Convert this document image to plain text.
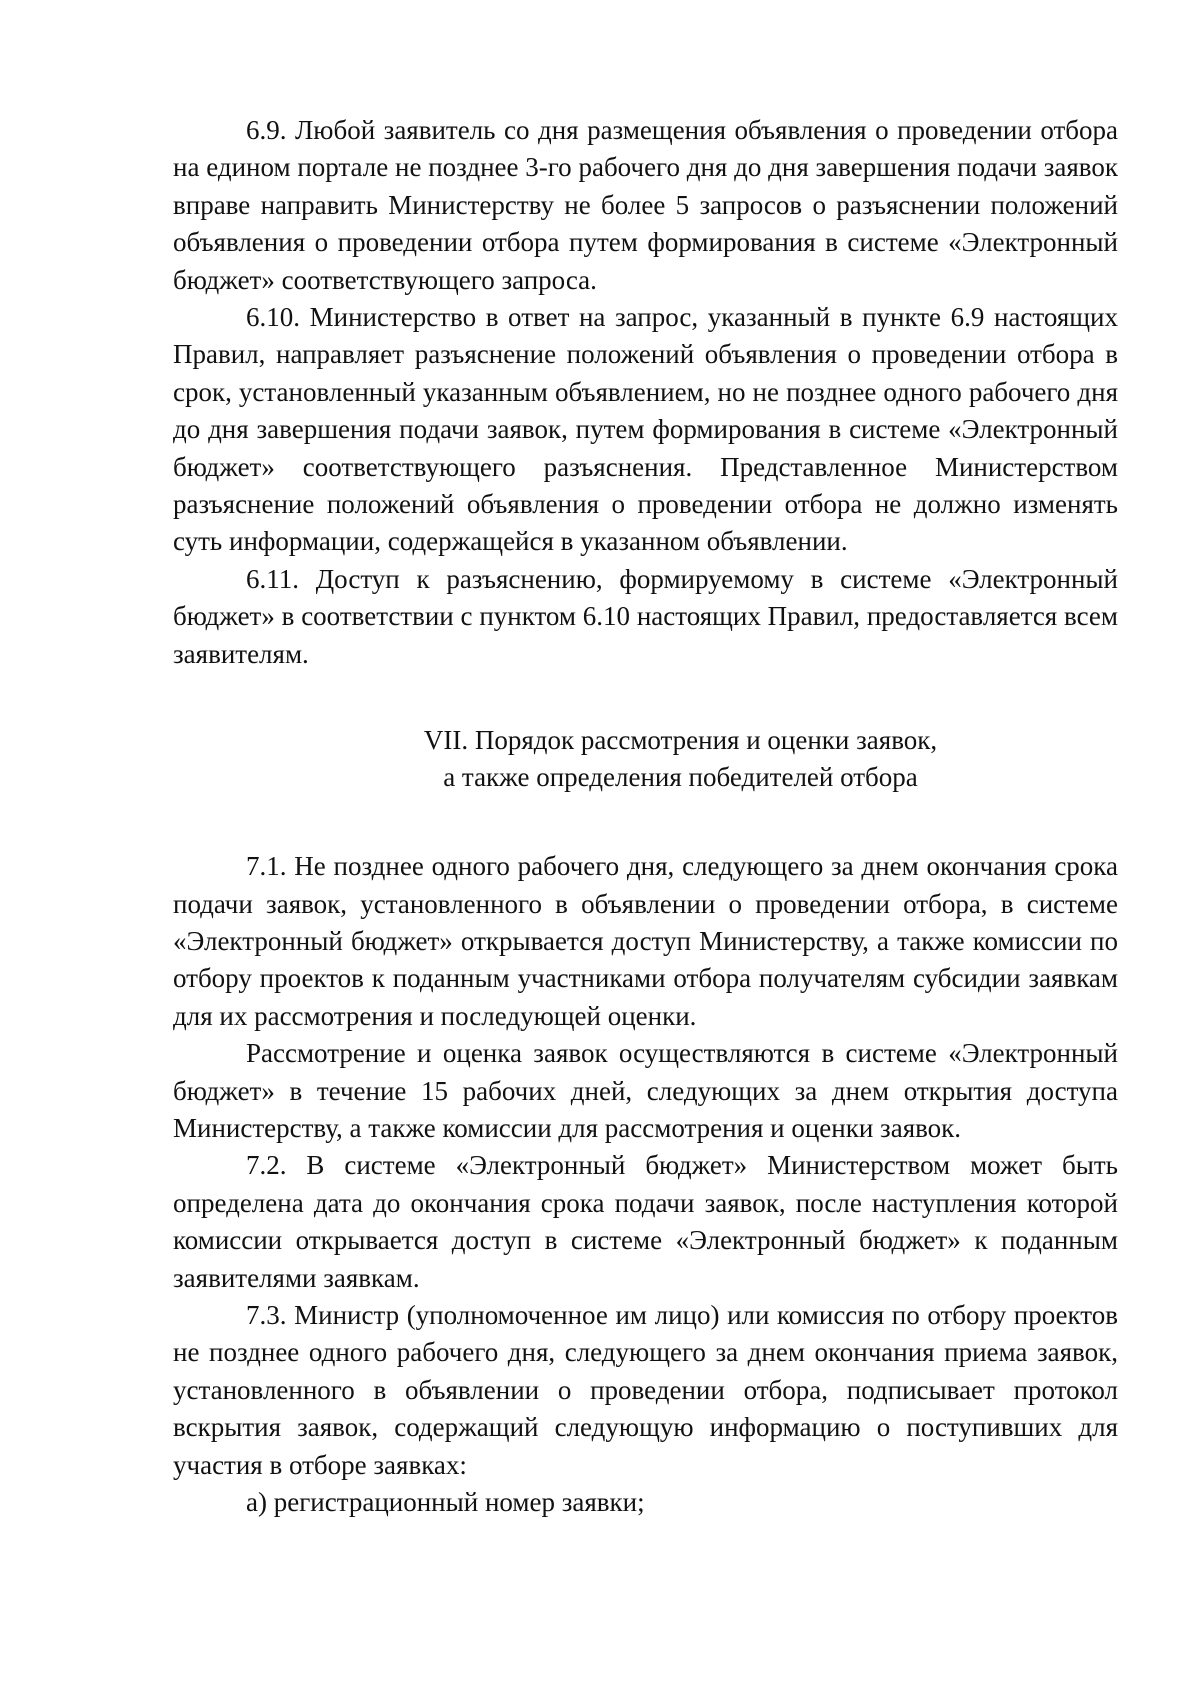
6.9. Любой заявитель со дня размещения объявления о проведении отбора на едином портале не позднее 3-го рабочего дня до дня завершения подачи заявок вправе направить Министерству не более 5 запросов о разъяснении положений объявления о проведении отбора путем формирования в системе «Электронный бюджет» соответствующего запроса.

6.10. Министерство в ответ на запрос, указанный в пункте 6.9 настоящих Правил, направляет разъяснение положений объявления о проведении отбора в срок, установленный указанным объявлением, но не позднее одного рабочего дня до дня завершения подачи заявок, путем формирования в системе «Электронный бюджет» соответствующего разъяснения. Представленное Министерством разъяснение положений объявления о проведении отбора не должно изменять суть информации, содержащейся в указанном объявлении.

6.11. Доступ к разъяснению, формируемому в системе «Электронный бюджет» в соответствии с пунктом 6.10 настоящих Правил, предоставляется всем заявителям.

VII. Порядок рассмотрения и оценки заявок,
а также определения победителей отбора

7.1. Не позднее одного рабочего дня, следующего за днем окончания срока подачи заявок, установленного в объявлении о проведении отбора, в системе «Электронный бюджет» открывается доступ Министерству, а также комиссии по отбору проектов к поданным участниками отбора получателям субсидии заявкам для их рассмотрения и последующей оценки.

Рассмотрение и оценка заявок осуществляются в системе «Электронный бюджет» в течение 15 рабочих дней, следующих за днем открытия доступа Министерству, а также комиссии для рассмотрения и оценки заявок.

7.2. В системе «Электронный бюджет» Министерством может быть определена дата до окончания срока подачи заявок, после наступления которой комиссии открывается доступ в системе «Электронный бюджет» к поданным заявителями заявкам.

7.3. Министр (уполномоченное им лицо) или комиссия по отбору проектов не позднее одного рабочего дня, следующего за днем окончания приема заявок, установленного в объявлении о проведении отбора, подписывает протокол вскрытия заявок, содержащий следующую информацию о поступивших для участия в отборе заявках:

а) регистрационный номер заявки;
